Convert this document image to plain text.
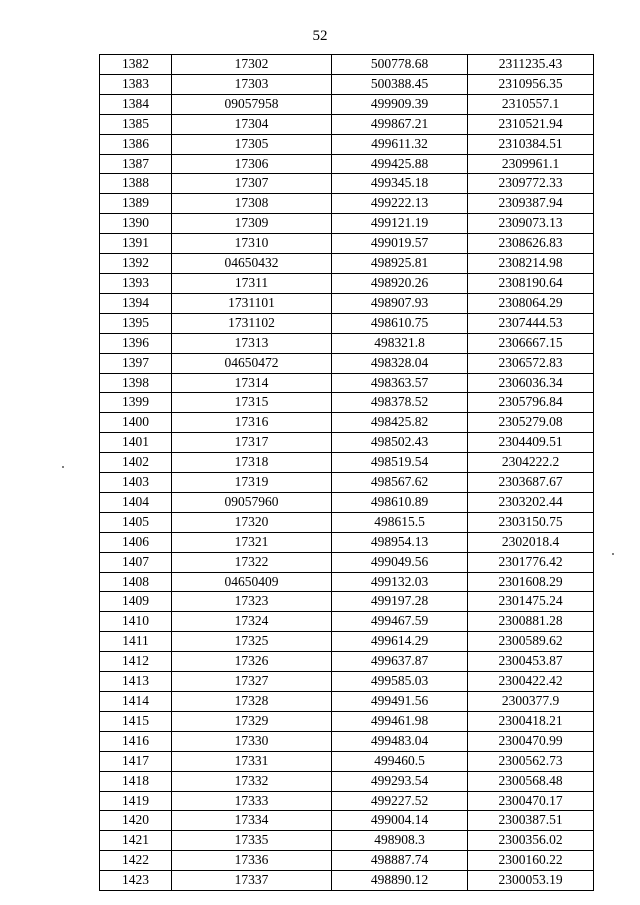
52
1382	17302	500778.68	2311235.43
1383	17303	500388.45	2310956.35
1384	09057958	499909.39	2310557.1
1385	17304	499867.21	2310521.94
1386	17305	499611.32	2310384.51
1387	17306	499425.88	2309961.1
1388	17307	499345.18	2309772.33
1389	17308	499222.13	2309387.94
1390	17309	499121.19	2309073.13
1391	17310	499019.57	2308626.83
1392	04650432	498925.81	2308214.98
1393	17311	498920.26	2308190.64
1394	1731101	498907.93	2308064.29
1395	1731102	498610.75	2307444.53
1396	17313	498321.8	2306667.15
1397	04650472	498328.04	2306572.83
1398	17314	498363.57	2306036.34
1399	17315	498378.52	2305796.84
1400	17316	498425.82	2305279.08
1401	17317	498502.43	2304409.51
1402	17318	498519.54	2304222.2
1403	17319	498567.62	2303687.67
1404	09057960	498610.89	2303202.44
1405	17320	498615.5	2303150.75
1406	17321	498954.13	2302018.4
1407	17322	499049.56	2301776.42
1408	04650409	499132.03	2301608.29
1409	17323	499197.28	2301475.24
1410	17324	499467.59	2300881.28
1411	17325	499614.29	2300589.62
1412	17326	499637.87	2300453.87
1413	17327	499585.03	2300422.42
1414	17328	499491.56	2300377.9
1415	17329	499461.98	2300418.21
1416	17330	499483.04	2300470.99
1417	17331	499460.5	2300562.73
1418	17332	499293.54	2300568.48
1419	17333	499227.52	2300470.17
1420	17334	499004.14	2300387.51
1421	17335	498908.3	2300356.02
1422	17336	498887.74	2300160.22
1423	17337	498890.12	2300053.19
